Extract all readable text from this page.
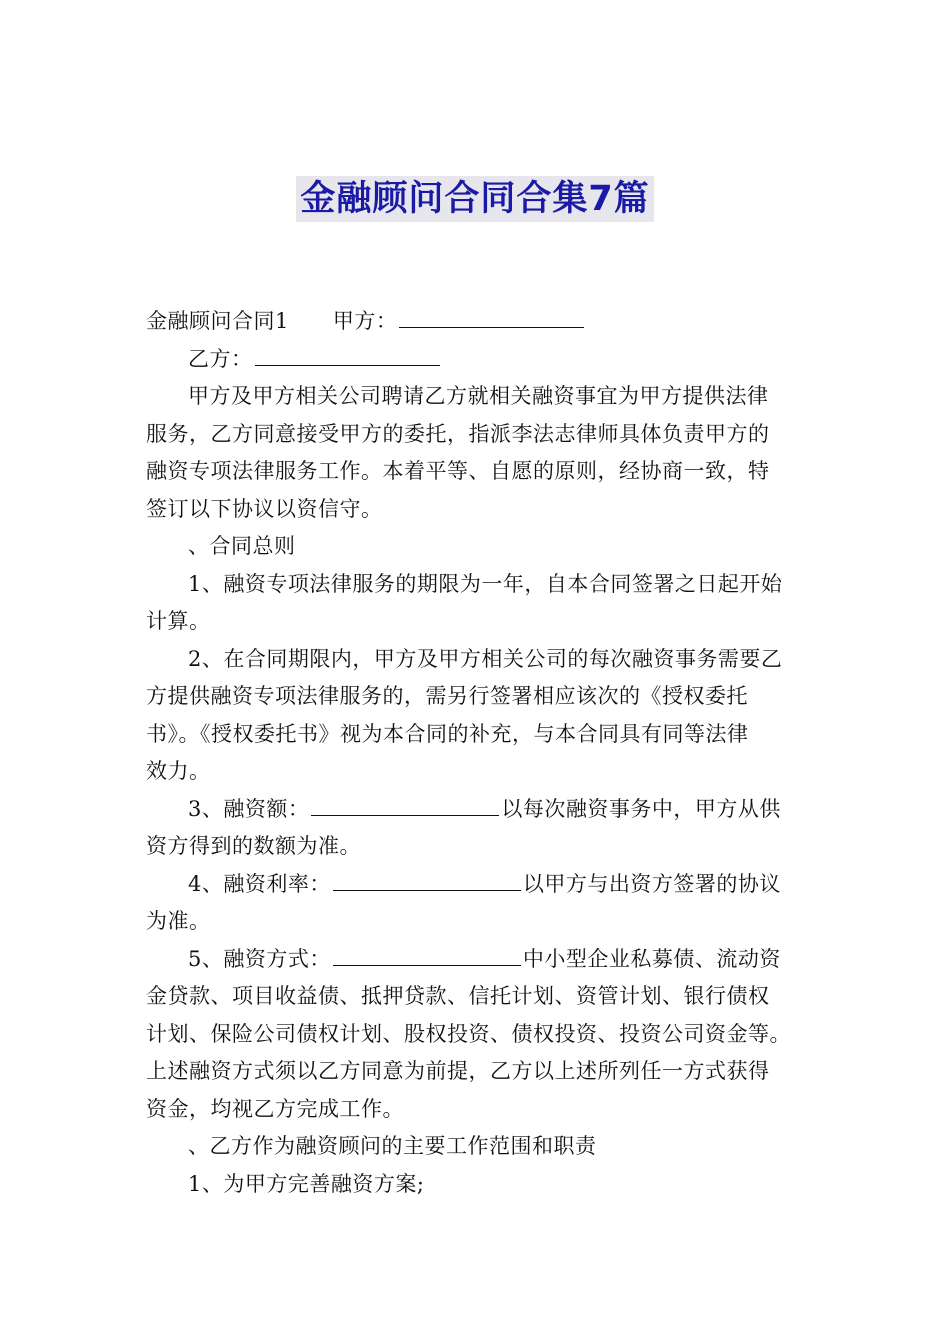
金融顾问合同合集7篇
金融顾问合同1 甲方：
乙方：
甲方及甲方相关公司聘请乙方就相关融资事宜为甲方提供法律
服务，乙方同意接受甲方的委托，指派李法志律师具体负责甲方的
融资专项法律服务工作。本着平等、自愿的原则，经协商一致，特
签订以下协议以资信守。
、合同总则
1、融资专项法律服务的期限为一年，自本合同签署之日起开始
计算。
2、在合同期限内，甲方及甲方相关公司的每次融资事务需要乙
方提供融资专项法律服务的，需另行签署相应该次的《授权委托
书》。《授权委托书》视为本合同的补充，与本合同具有同等法律
效力。
3、融资额：	以每次融资事务中，甲方从供
资方得到的数额为准。
4、融资利率：	以甲方与出资方签署的协议
为准。
5、融资方式：	中小型企业私募债、流动资
金贷款、项目收益债、抵押贷款、信托计划、资管计划、银行债权
计划、保险公司债权计划、股权投资、债权投资、投资公司资金等。
上述融资方式须以乙方同意为前提，乙方以上述所列任一方式获得
资金，均视乙方完成工作。
、乙方作为融资顾问的主要工作范围和职责
1、为甲方完善融资方案;
